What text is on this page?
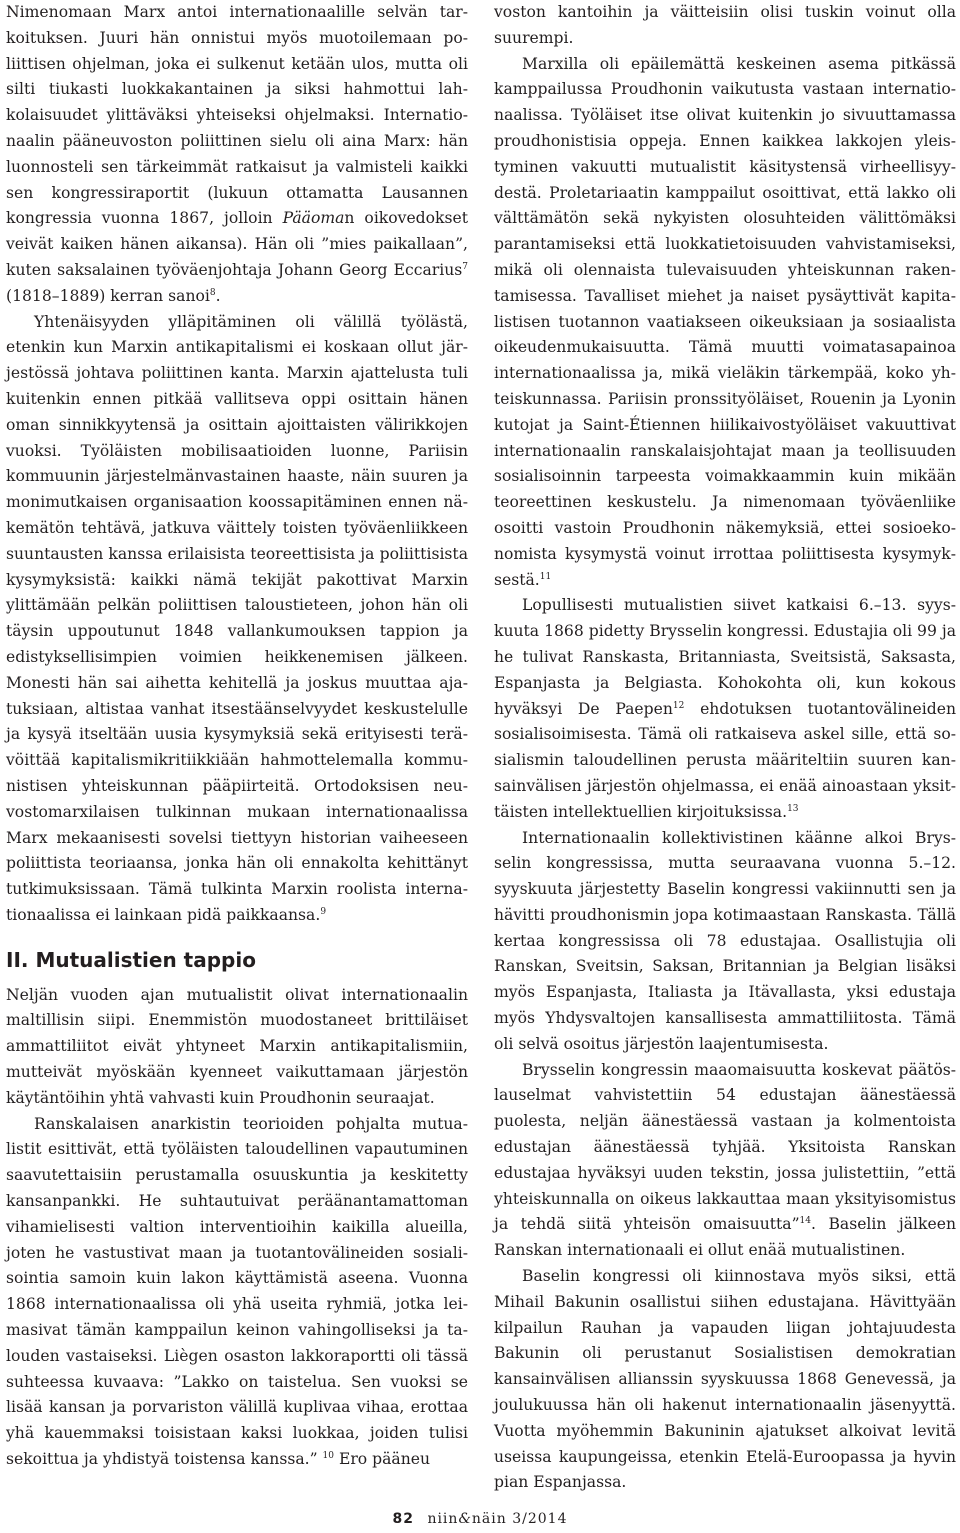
Nimenomaan Marx antoi internationaalille selvän tarkoituksen. Juuri hän onnistui myös muotoilemaan poliittisen ohjelman, joka ei sulkenut ketään ulos, mutta oli silti tiukasti luokkakantainen ja siksi hahmottui lahkolaisuudet ylittäväksi yhteiseksi ohjelmaksi. Internationaalin pääneuvoston poliittinen sielu oli aina Marx: hän luonnosteli sen tärkeimmät ratkaisut ja valmisteli kaikki sen kongressiraportit (lukuun ottamatta Lausannen kongressia vuonna 1867, jolloin Pääoman oikovedokset veivät kaiken hänen aikansa). Hän oli ”mies paikallaan”, kuten saksalainen työväenjohtaja Johann Georg Eccarius$^7$ (1818–1889) kerran sanoi$^8$.

Yhtenäisyyden ylläpitäminen oli välillä työlästä, etenkin kun Marxin antikapitalismi ei koskaan ollut järjestössä johtava poliittinen kanta. Marxin ajattelusta tuli kuitenkin ennen pitkää vallitseva oppi osittain hänen oman sinnikkyytensä ja osittain ajoittaisten välirikkojen vuoksi. Työläisten mobilisaatioiden luonne, Pariisin kommuunin järjestelmänvastainen haaste, näin suuren ja monimutkaisen organisaation koossapitäminen ennen näkemätön tehtävä, jatkuva väittely toisten työväenliikkeen suuntausten kanssa erilaisista teoreettisista ja poliittisista kysymyksistä: kaikki nämä tekijät pakottivat Marxin ylittämään pelkän poliittisen taloustieteen, johon hän oli täysin uppoutunut 1848 vallankumouksen tappion ja edistyksellisimpien voimien heikkenemisen jälkeen. Monesti hän sai aihetta kehitellä ja joskus muuttaa ajatuksiaan, altistaa vanhat itsestäänselvyydet keskustelulle ja kysyä itseltään uusia kysymyksiä sekä erityisesti terävöittää kapitalismikritiikkiään hahmottelemalla kommunistisen yhteiskunnan pääpiirteitä. Ortodoksisen neuvostomarxilaisen tulkinnan mukaan internationaalissa Marx mekaanisesti sovelsi tiettyyn historian vaiheeseen poliittista teoriaansa, jonka hän oli ennakolta kehittänyt tutkimuksissaan. Tämä tulkinta Marxin roolista internationaalissa ei lainkaan pidä paikkaansa.$^9$

II. Mutualistien tappio

Neljän vuoden ajan mutualistit olivat internationaalin maltillisin siipi. Enemmistön muodostaneet brittiläiset ammattiliitot eivät yhtyneet Marxin antikapitalismiin, mutteivät myöskään kyenneet vaikuttamaan järjestön käytäntöihin yhtä vahvasti kuin Proudhonin seuraajat.

Ranskalaisen anarkistin teorioiden pohjalta mutualistit esittivät, että työläisten taloudellinen vapautuminen saavutettaisiin perustamalla osuuskuntia ja keskitetty kansanpankki. He suhtautuivat peräänantamattoman vihamielisesti valtion interventioihin kaikilla alueilla, joten he vastustivat maan ja tuotantovälineiden sosialisointia samoin kuin lakon käyttämistä aseena. Vuonna 1868 internationaalissa oli yhä useita ryhmiä, jotka leimasivat tämän kamppailun keinon vahingolliseksi ja talouden vastaiseksi. Liègen osaston lakkoraportti oli tässä suhteessa kuvaava: ”Lakko on taistelua. Sen vuoksi se lisää kansan ja porvariston välillä kuplivaa vihaa, erottaa yhä kauemmaksi toisistaan kaksi luokkaa, joiden tulisi sekoittua ja yhdistyä toistensa kanssa.” $^{10}$ Ero pääneu

voston kantoihin ja väitteisiin olisi tuskin voinut olla suurempi.

Marxilla oli epäilemättä keskeinen asema pitkässä kamppailussa Proudhonin vaikutusta vastaan internationaalissa. Työläiset itse olivat kuitenkin jo sivuuttamassa proudhonistisia oppeja. Ennen kaikkea lakkojen yleistyminen vakuutti mutualistit käsitystensä virheellisyydestä. Proletariaatin kamppailut osoittivat, että lakko oli välttämätön sekä nykyisten olosuhteiden välittömäksi parantamiseksi että luokkatietoisuuden vahvistamiseksi, mikä oli olennaista tulevaisuuden yhteiskunnan rakentamisessa. Tavalliset miehet ja naiset pysäyttivät kapitalistisen tuotannon vaatiakseen oikeuksiaan ja sosiaalista oikeudenmukaisuutta. Tämä muutti voimatasapainoa internationaalissa ja, mikä vieläkin tärkempää, koko yhteiskunnassa. Pariisin pronssityöläiset, Rouenin ja Lyonin kutojat ja Saint-Étiennen hiilikaivostyöläiset vakuuttivat internationaalin ranskalaisjohtajat maan ja teollisuuden sosialisoinnin tarpeesta voimakkaammin kuin mikään teoreettinen keskustelu. Ja nimenomaan työväenliike osoitti vastoin Proudhonin näkemyksiä, ettei sosioekonomista kysymystä voinut irrottaa poliittisesta kysymyksestä.$^{11}$

Lopullisesti mutualistien siivet katkaisi 6.–13. syyskuuta 1868 pidetty Brysselin kongressi. Edustajia oli 99 ja he tulivat Ranskasta, Britanniasta, Sveitsistä, Saksasta, Espanjasta ja Belgiasta. Kohokohta oli, kun kokous hyväksyi De Paepen$^{12}$ ehdotuksen tuotantovälineiden sosialisoimisesta. Tämä oli ratkaiseva askel sille, että sosialismin taloudellinen perusta määriteltiin suuren kansainvälisen järjestön ohjelmassa, ei enää ainoastaan yksittäisten intellektuellien kirjoituksissa.$^{13}$

Internationaalin kollektivistinen käänne alkoi Brysselin kongressissa, mutta seuraavana vuonna 5.–12. syyskuuta järjestetty Baselin kongressi vakiinnutti sen ja hävitti proudhonismin jopa kotimaastaan Ranskasta. Tällä kertaa kongressissa oli 78 edustajaa. Osallistujia oli Ranskan, Sveitsin, Saksan, Britannian ja Belgian lisäksi myös Espanjasta, Italiasta ja Itävallasta, yksi edustaja myös Yhdysvaltojen kansallisesta ammattiliitosta. Tämä oli selvä osoitus järjestön laajentumisesta.

Brysselin kongressin maaomaisuutta koskevat päätöslauselmat vahvistettiin 54 edustajan äänestäessä puolesta, neljän äänestäessä vastaan ja kolmentoista edustajan äänestäessä tyhjää. Yksitoista Ranskan edustajaa hyväksyi uuden tekstin, jossa julistettiin, ”että yhteiskunnalla on oikeus lakkauttaa maan yksityisomistus ja tehdä siitä yhteisön omaisuutta”$^{14}$. Baselin jälkeen Ranskan internationaali ei ollut enää mutualistinen.

Baselin kongressi oli kiinnostava myös siksi, että Mihail Bakunin osallistui siihen edustajana. Hävittyään kilpailun Rauhan ja vapauden liigan johtajuudesta Bakunin oli perustanut Sosialistisen demokratian kansainvälisen allianssin syyskuussa 1868 Genevessä, ja joulukuussa hän oli hakenut internationaalin jäsenyyttä. Vuotta myöhemmin Bakuninin ajatukset alkoivat levitä useissa kaupungeissa, etenkin Etelä-Euroopassa ja hyvin pian Espanjassa.

82 niin&näin 3/2014
